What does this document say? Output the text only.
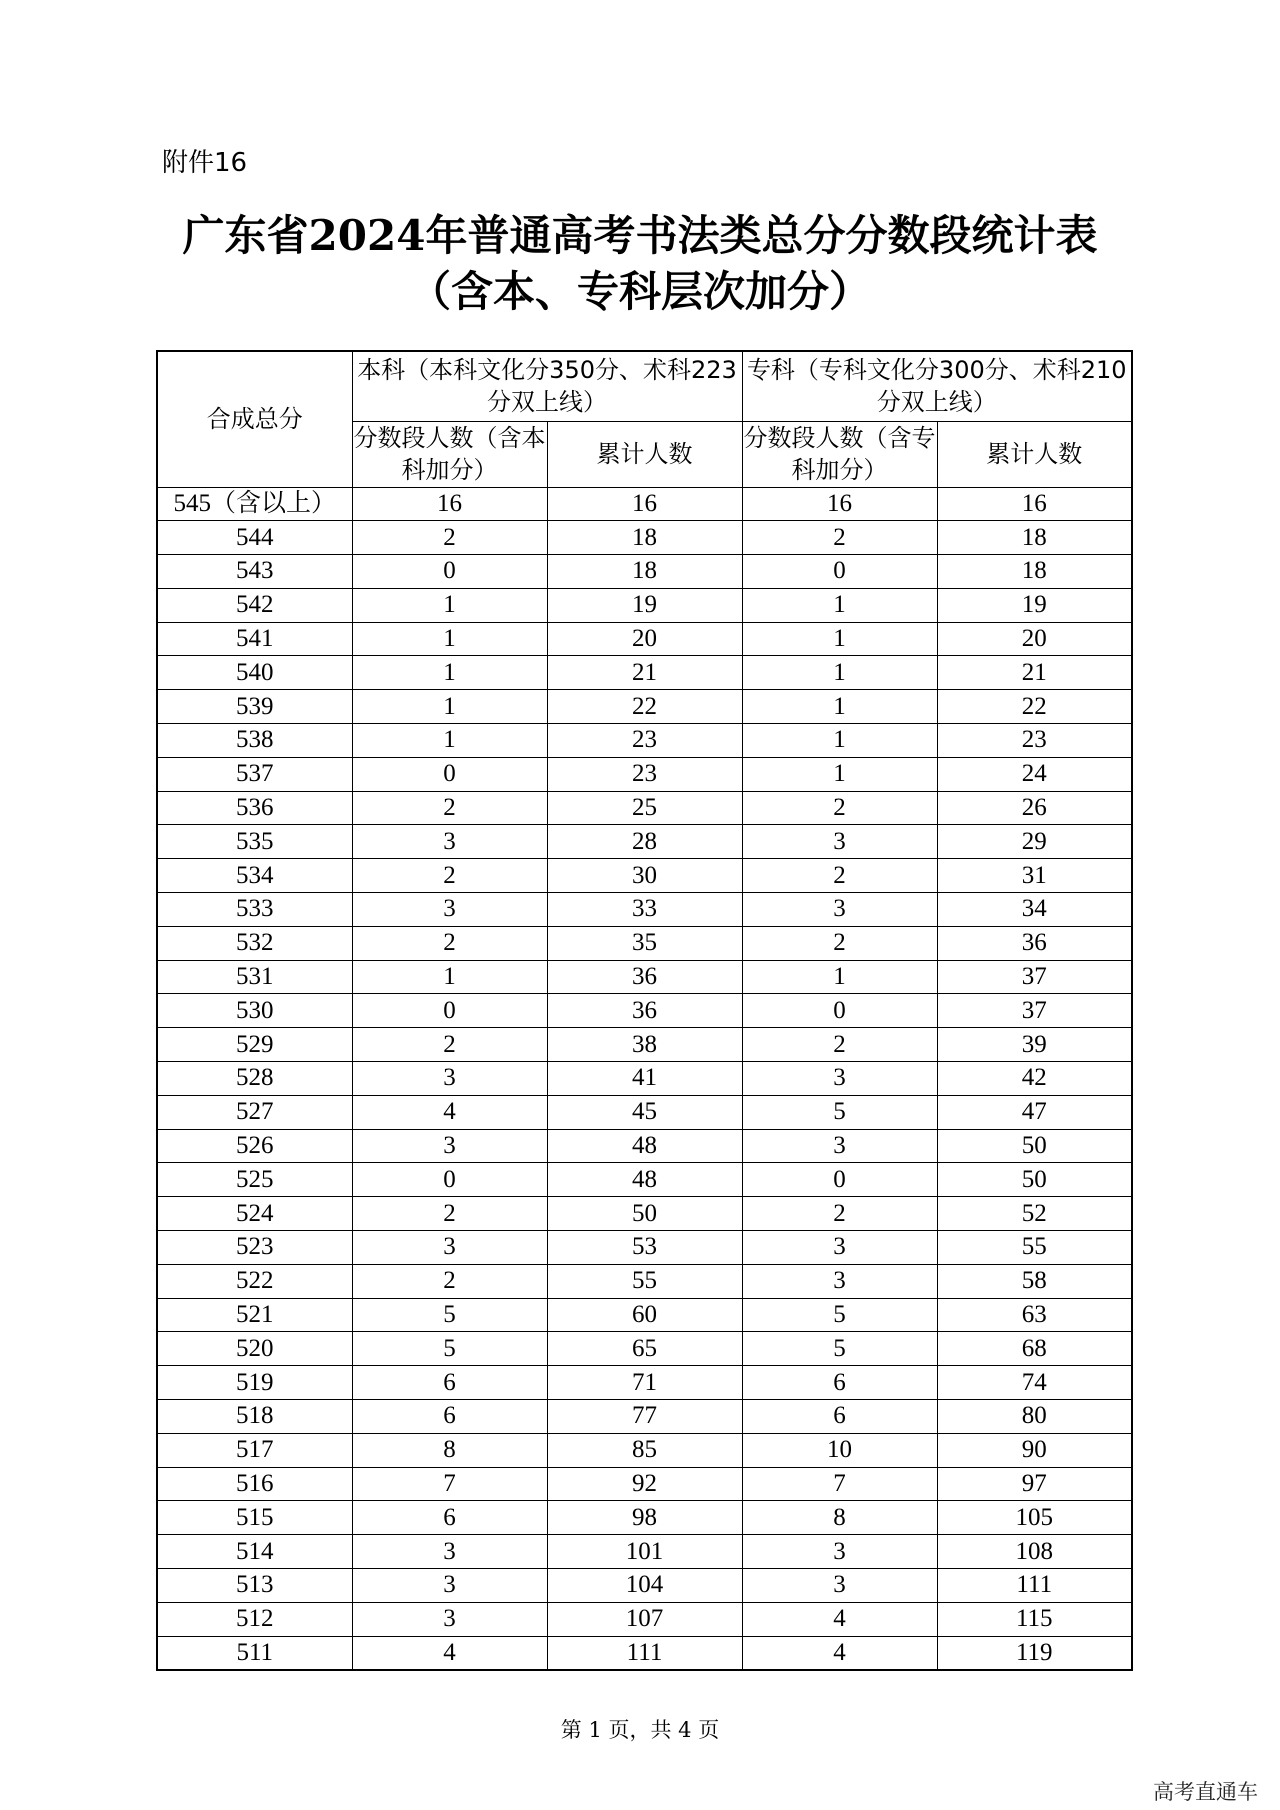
附件16
广东省2024年普通高考书法类总分分数段统计表
（含本、专科层次加分）
合成总分	本科（本科文化分350分、术科223分双上线）		专科（专科文化分300分、术科210分双上线）	
	分数段人数（含本科加分）	累计人数	分数段人数（含专科加分）	累计人数
545（含以上）	16	16	16	16
544	2	18	2	18
543	0	18	0	18
542	1	19	1	19
541	1	20	1	20
540	1	21	1	21
539	1	22	1	22
538	1	23	1	23
537	0	23	1	24
536	2	25	2	26
535	3	28	3	29
534	2	30	2	31
533	3	33	3	34
532	2	35	2	36
531	1	36	1	37
530	0	36	0	37
529	2	38	2	39
528	3	41	3	42
527	4	45	5	47
526	3	48	3	50
525	0	48	0	50
524	2	50	2	52
523	3	53	3	55
522	2	55	3	58
521	5	60	5	63
520	5	65	5	68
519	6	71	6	74
518	6	77	6	80
517	8	85	10	90
516	7	92	7	97
515	6	98	8	105
514	3	101	3	108
513	3	104	3	111
512	3	107	4	115
511	4	111	4	119
第 1 页，共 4 页
高考直通车
